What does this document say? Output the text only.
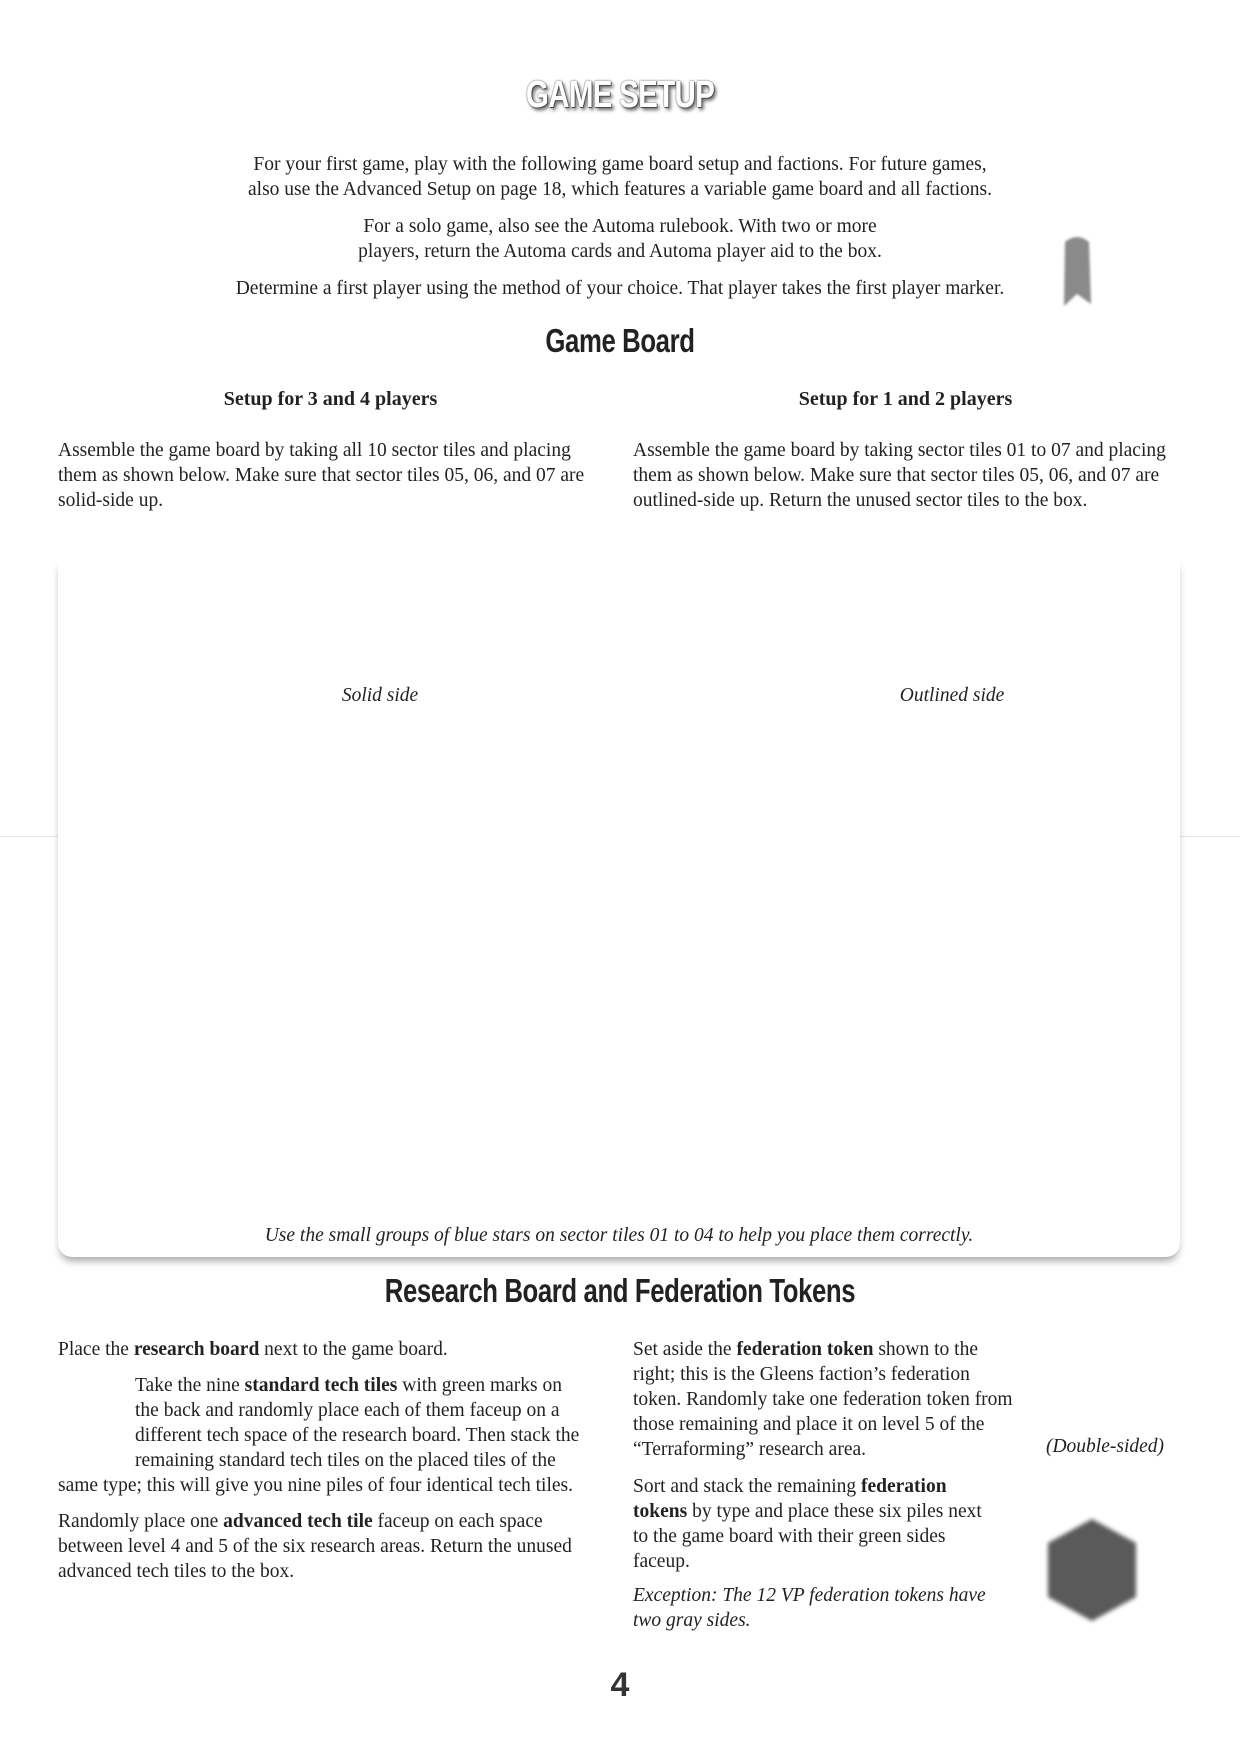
GAME SETUP

For your first game, play with the following game board setup and factions. For future games,
also use the Advanced Setup on page 18, which features a variable game board and all factions.

For a solo game, also see the Automa rulebook. With two or more
players, return the Automa cards and Automa player aid to the box.

Determine a first player using the method of your choice. That player takes the first player marker.

Game Board

Setup for 3 and 4 players	Setup for 1 and 2 players

Assemble the game board by taking all 10 sector tiles and placing them as shown below. Make sure that sector tiles 05, 06, and 07 are solid-side up.

Assemble the game board by taking sector tiles 01 to 07 and placing them as shown below. Make sure that sector tiles 05, 06, and 07 are outlined-side up. Return the unused sector tiles to the box.

Solid side	Outlined side

Use the small groups of blue stars on sector tiles 01 to 04 to help you place them correctly.

Research Board and Federation Tokens

Place the research board next to the game board.

Take the nine standard tech tiles with green marks on
the back and randomly place each of them faceup on a
different tech space of the research board. Then stack the
remaining standard tech tiles on the placed tiles of the
same type; this will give you nine piles of four identical tech tiles.

Randomly place one advanced tech tile faceup on each space between level 4 and 5 of the six research areas. Return the unused advanced tech tiles to the box.

Set aside the federation token shown to the right; this is the Gleens faction’s federation token. Randomly take one federation token from those remaining and place it on level 5 of the “Terraforming” research area.	(Double-sided)

Sort and stack the remaining federation tokens by type and place these six piles next to the game board with their green sides faceup.

Exception: The 12 VP federation tokens have two gray sides.

4
